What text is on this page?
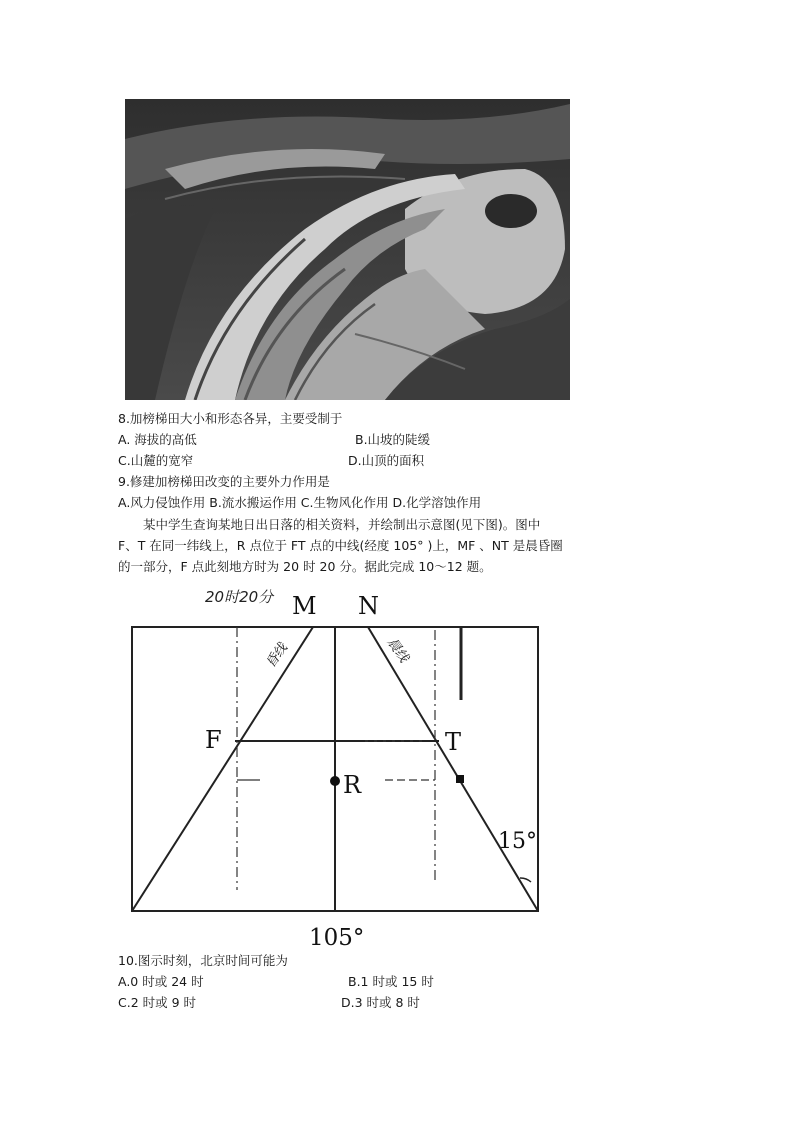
8.加榜梯田大小和形态各异，主要受制于
A. 海拔的高低	B.山坡的陡缓
C.山麓的宽窄	D.山顶的面积
9.修建加榜梯田改变的主要外力作用是
A.风力侵蚀作用 B.流水搬运作用 C.生物风化作用 D.化学溶蚀作用

某中学生查询某地日出日落的相关资料，并绘制出示意图(见下图)。图中 F、T 在同一纬线上，R 点位于 FT 点的中线(经度 105° )上，MF 、NT 是晨昏圈的一部分，F 点此刻地方时为 20 时 20 分。据此完成 10～12 题。

20时20分 M N
F	T
R
15°
昏线	晨线
105°
10.图示时刻，北京时间可能为
A.0 时或 24 时	B.1 时或 15 时
C.2 时或 9 时	D.3 时或 8 时
